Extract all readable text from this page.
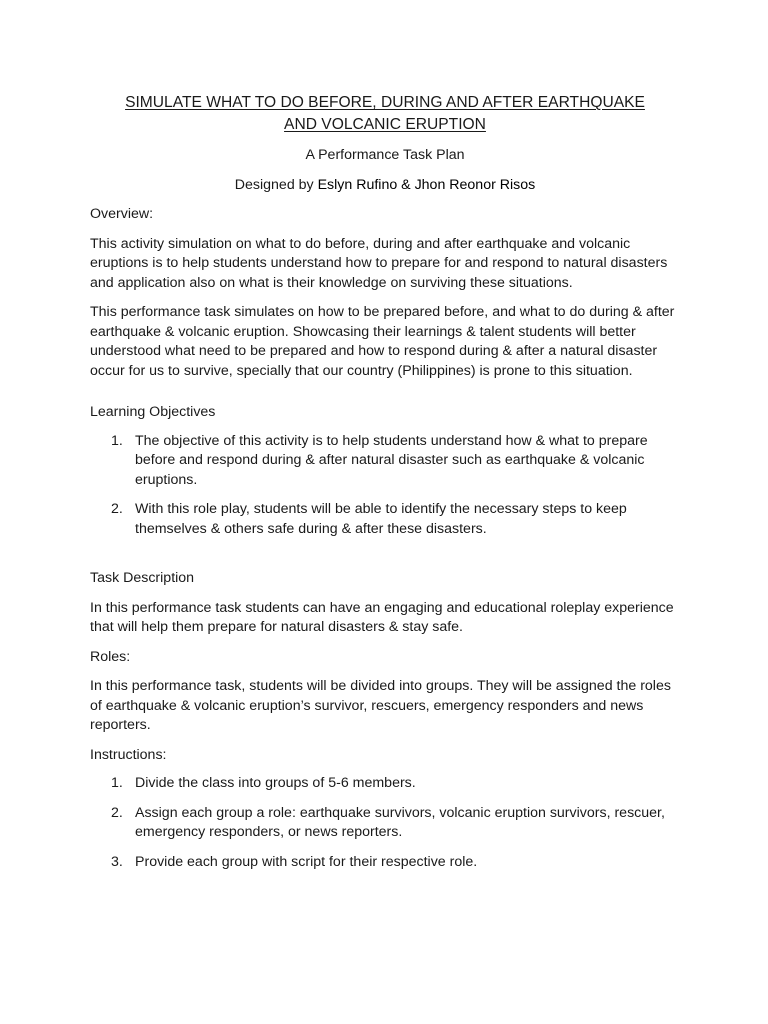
SIMULATE WHAT TO DO BEFORE, DURING AND AFTER EARTHQUAKE
AND VOLCANIC ERUPTION
A Performance Task Plan
Designed by Eslyn Rufino & Jhon Reonor Risos
Overview:

This activity simulation on what to do before, during and after earthquake and volcanic eruptions is to help students understand how to prepare for and respond to natural disasters and application also on what is their knowledge on surviving these situations.

This performance task simulates on how to be prepared before, and what to do during & after earthquake & volcanic eruption. Showcasing their learnings & talent students will better understood what need to be prepared and how to respond during & after a natural disaster occur for us to survive, specially that our country (Philippines) is prone to this situation.

Learning Objectives
1. The objective of this activity is to help students understand how & what to prepare before and respond during & after natural disaster such as earthquake & volcanic eruptions.
2. With this role play, students will be able to identify the necessary steps to keep themselves & others safe during & after these disasters.
Task Description

In this performance task students can have an engaging and educational roleplay experience that will help them prepare for natural disasters & stay safe.

Roles:

In this performance task, students will be divided into groups. They will be assigned the roles of earthquake & volcanic eruption’s survivor, rescuers, emergency responders and news reporters.

Instructions:
1. Divide the class into groups of 5-6 members.
2. Assign each group a role: earthquake survivors, volcanic eruption survivors, rescuer, emergency responders, or news reporters.
3. Provide each group with script for their respective role.
